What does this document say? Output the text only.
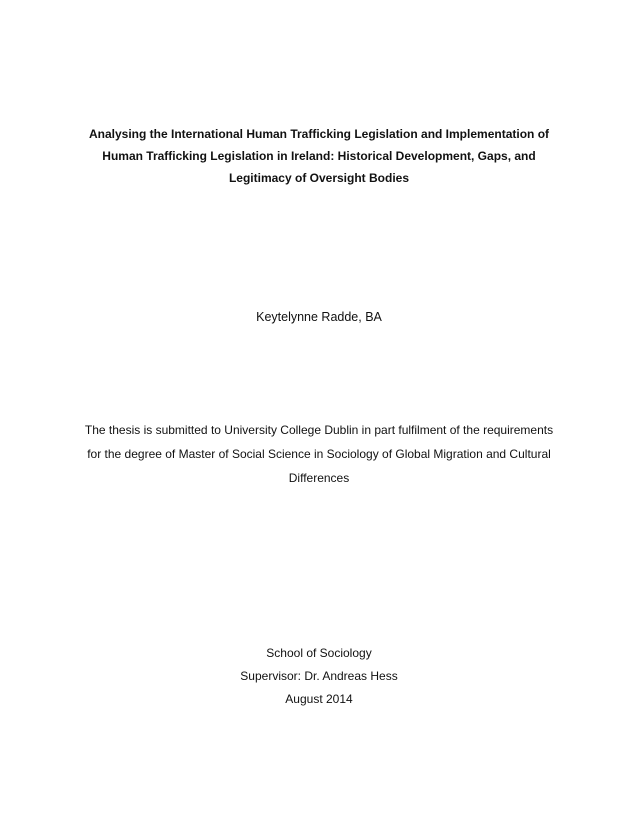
Analysing the International Human Trafficking Legislation and Implementation of
Human Trafficking Legislation in Ireland: Historical Development, Gaps, and
Legitimacy of Oversight Bodies
Keytelynne Radde, BA
The thesis is submitted to University College Dublin in part fulfilment of the requirements
for the degree of Master of Social Science in Sociology of Global Migration and Cultural
Differences
School of Sociology
Supervisor: Dr. Andreas Hess
August 2014
